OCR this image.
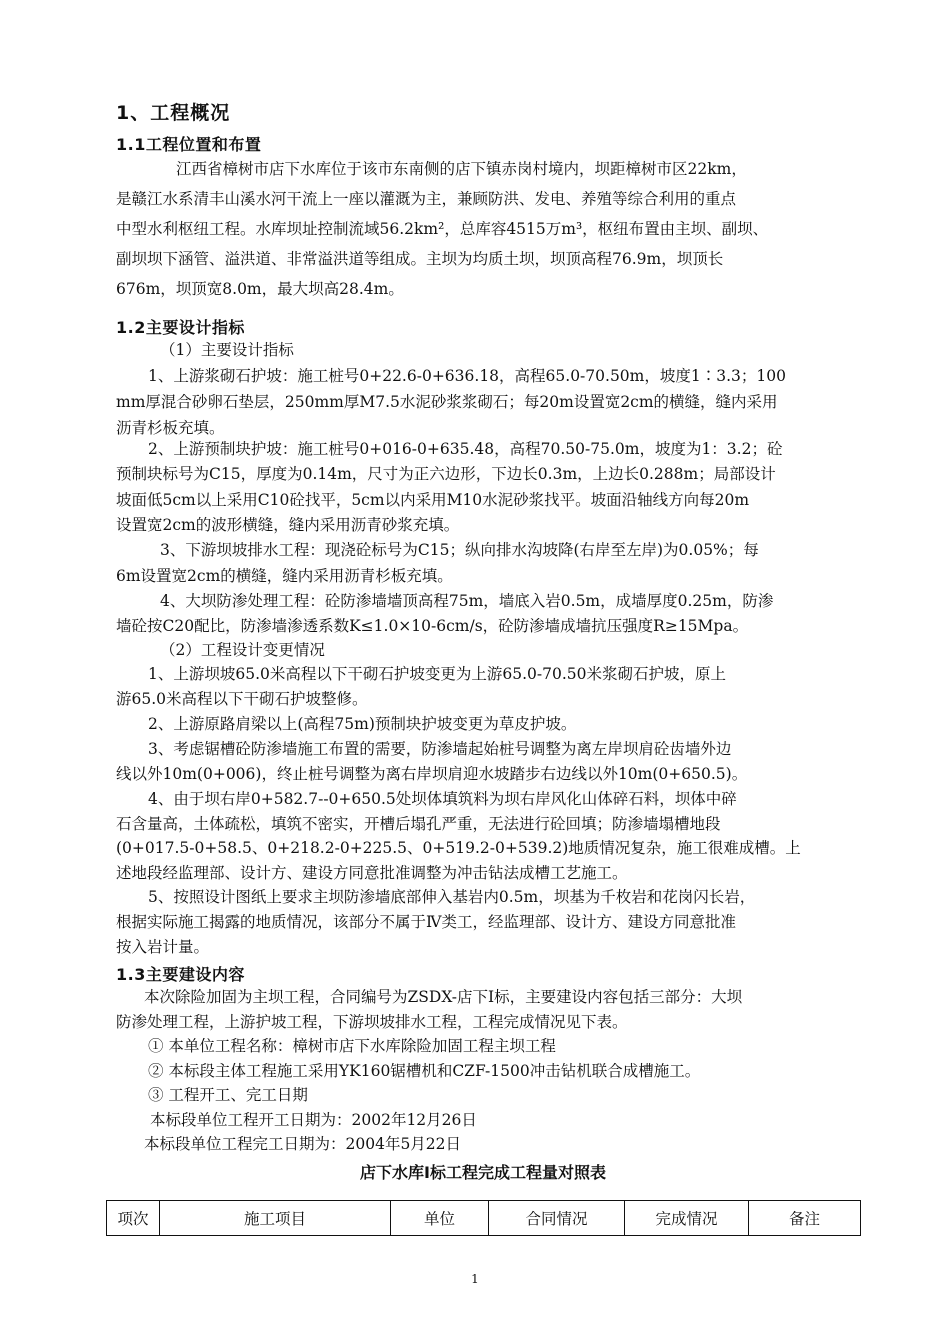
1、工程概况
1.1工程位置和布置
江西省樟树市店下水库位于该市东南侧的店下镇赤岗村境内，坝距樟树市区22km，
是赣江水系清丰山溪水河干流上一座以灌溉为主，兼顾防洪、发电、养殖等综合利用的重点
中型水利枢纽工程。水库坝址控制流域56.2km²，总库容4515万m³，枢纽布置由主坝、副坝、
副坝坝下涵管、溢洪道、非常溢洪道等组成。主坝为均质土坝，坝顶高程76.9m，坝顶长
676m，坝顶宽8.0m，最大坝高28.4m。
1.2主要设计指标
（1）主要设计指标
1、上游浆砌石护坡：施工桩号0+22.6-0+636.18，高程65.0-70.50m，坡度1∶3.3；100
mm厚混合砂卵石垫层，250mm厚M7.5水泥砂浆浆砌石；每20m设置宽2cm的横缝，缝内采用
沥青杉板充填。
2、上游预制块护坡：施工桩号0+016-0+635.48，高程70.50-75.0m，坡度为1：3.2；砼
预制块标号为C15，厚度为0.14m，尺寸为正六边形，下边长0.3m，上边长0.288m；局部设计
坡面低5cm以上采用C10砼找平，5cm以内采用M10水泥砂浆找平。坡面沿轴线方向每20m
设置宽2cm的波形横缝，缝内采用沥青砂浆充填。
3、下游坝坡排水工程：现浇砼标号为C15；纵向排水沟坡降(右岸至左岸)为0.05%；每
6m设置宽2cm的横缝，缝内采用沥青杉板充填。
4、大坝防渗处理工程：砼防渗墙墙顶高程75m，墙底入岩0.5m，成墙厚度0.25m，防渗
墙砼按C20配比，防渗墙渗透系数K≤1.0×10-6cm/s，砼防渗墙成墙抗压强度R≥15Mpa。
（2）工程设计变更情况
1、上游坝坡65.0米高程以下干砌石护坡变更为上游65.0-70.50米浆砌石护坡，原上
游65.0米高程以下干砌石护坡整修。
2、上游原路肩梁以上(高程75m)预制块护坡变更为草皮护坡。
3、考虑锯槽砼防渗墙施工布置的需要，防渗墙起始桩号调整为离左岸坝肩砼齿墙外边
线以外10m(0+006)，终止桩号调整为离右岸坝肩迎水坡踏步右边线以外10m(0+650.5)。
4、由于坝右岸0+582.7--0+650.5处坝体填筑料为坝右岸风化山体碎石料，坝体中碎
石含量高，土体疏松，填筑不密实，开槽后塌孔严重，无法进行砼回填；防渗墙塌槽地段
(0+017.5-0+58.5、0+218.2-0+225.5、0+519.2-0+539.2)地质情况复杂，施工很难成槽。上
述地段经监理部、设计方、建设方同意批准调整为冲击钻法成槽工艺施工。
5、按照设计图纸上要求主坝防渗墙底部伸入基岩内0.5m，坝基为千枚岩和花岗闪长岩，
根据实际施工揭露的地质情况，该部分不属于Ⅳ类工，经监理部、设计方、建设方同意批准
按入岩计量。
1.3主要建设内容
本次除险加固为主坝工程，合同编号为ZSDX-店下Ⅰ标，主要建设内容包括三部分：大坝
防渗处理工程，上游护坡工程，下游坝坡排水工程，工程完成情况见下表。
① 本单位工程名称：樟树市店下水库除险加固工程主坝工程
② 本标段主体工程施工采用YK160锯槽机和CZF-1500冲击钻机联合成槽施工。
③ 工程开工、完工日期
本标段单位工程开工日期为：2002年12月26日
本标段单位工程完工日期为：2004年5月22日
店下水库Ⅰ标工程完成工程量对照表
项次	施工项目	单位	合同情况	完成情况	备注
1
